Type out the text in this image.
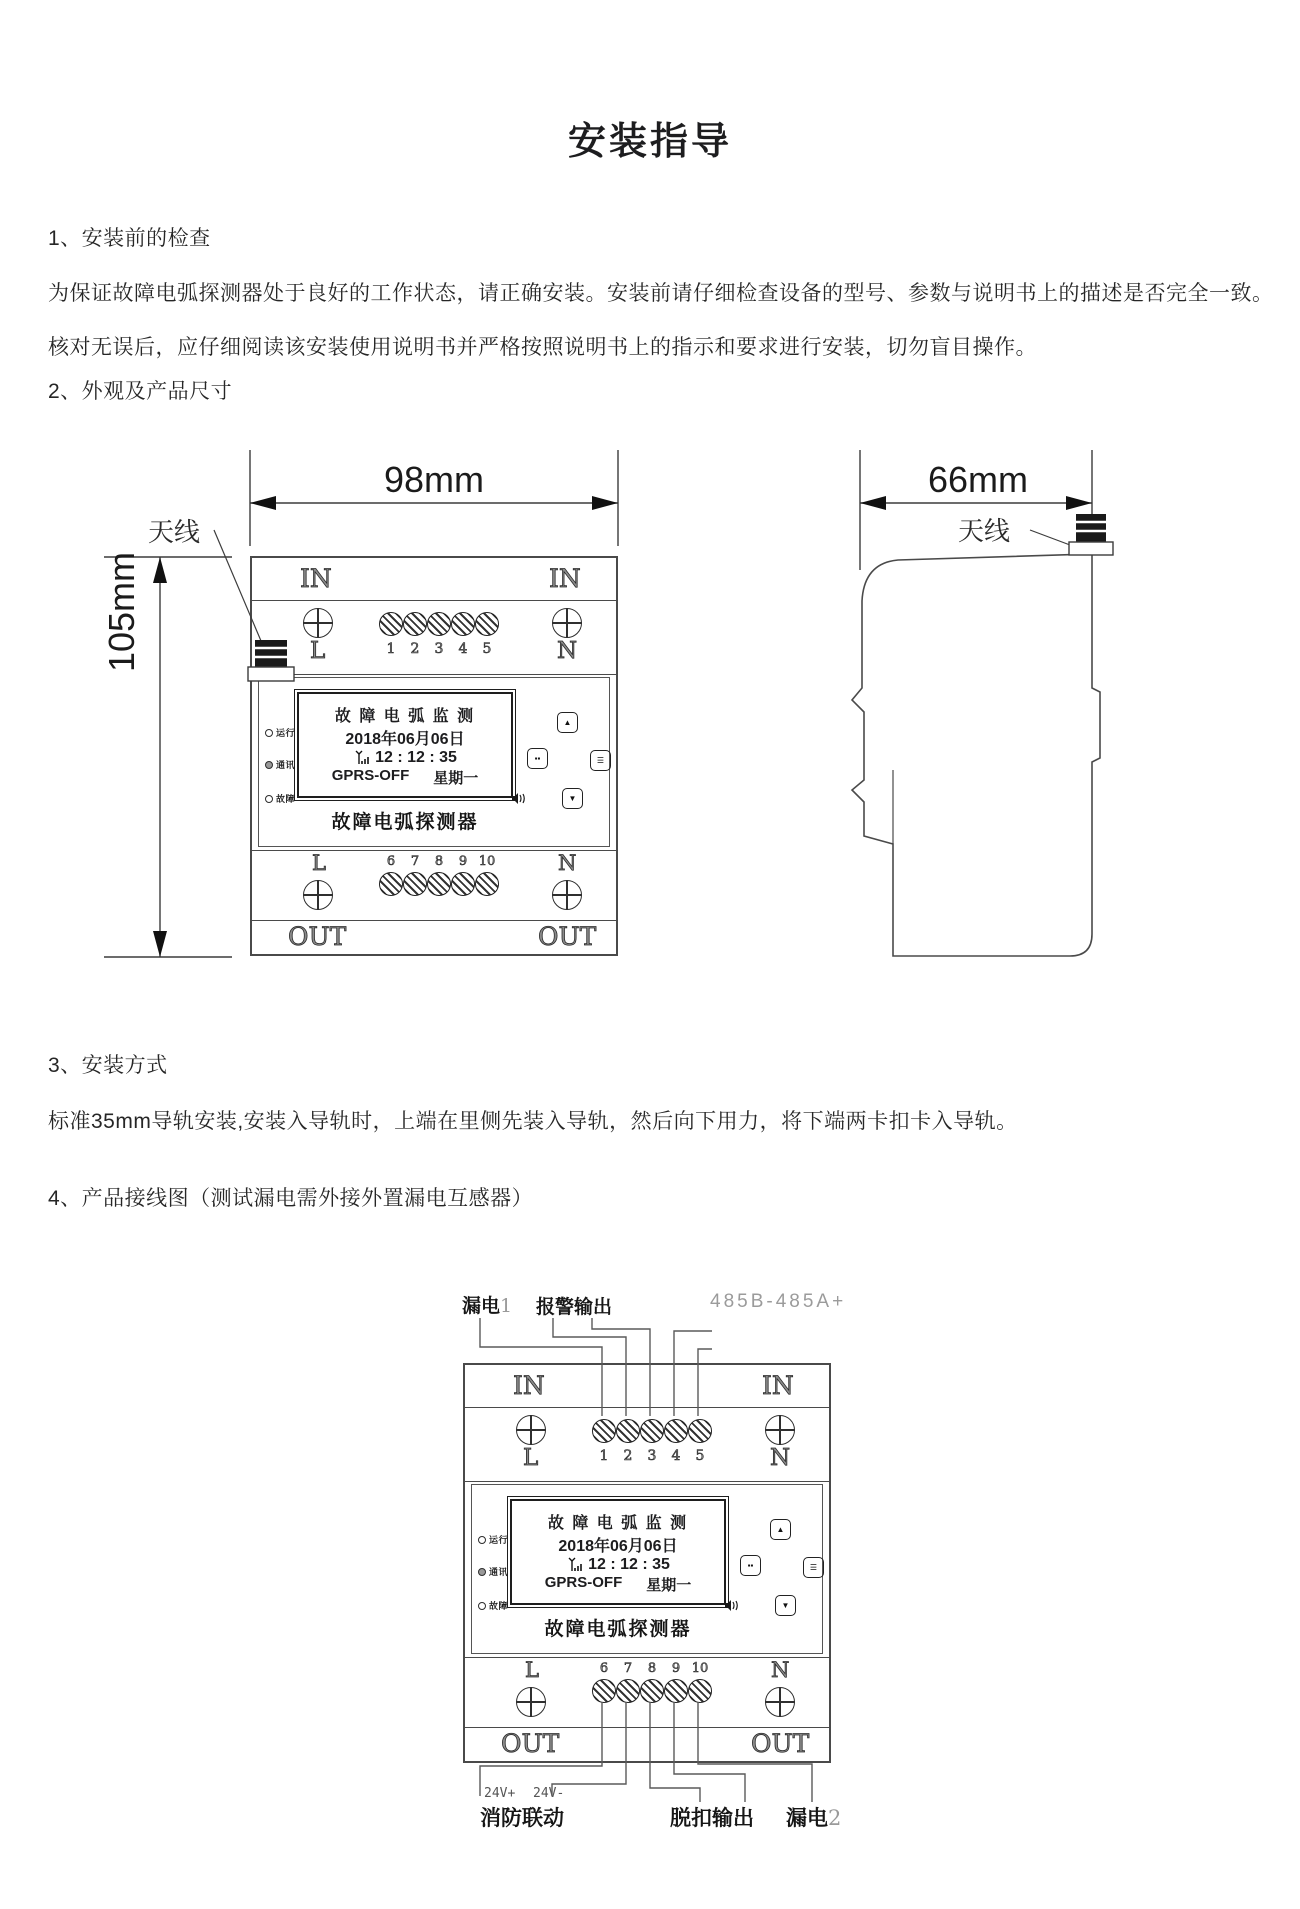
安装指导
1、安装前的检查
为保证故障电弧探测器处于良好的工作状态，请正确安装。安装前请仔细检查设备的型号、参数与说明书上的描述是否完全一致。
核对无误后，应仔细阅读该安装使用说明书并严格按照说明书上的指示和要求进行安装，切勿盲目操作。
2、外观及产品尺寸
天线	天线
3、安装方式
标准35mm导轨安装,安装入导轨时，上端在里侧先装入导轨，然后向下用力，将下端两卡扣卡入导轨。
4、产品接线图（测试漏电需外接外置漏电互感器）
漏电1 报警输出	485B-485A+
24V+ 24V-
消防联动	脱扣输出 漏电2
IN	IN
L	1	2	3	4	5	N
运行
通讯
故障
故 障 电 弧 监 测
2018年06月06日
12 : 12 : 35
GPRS-OFF 星期一
故障电弧探测器
▲
▪▪	☰
▼
L	6	7	8	9 10	N
OUT	OUT
IN	IN
L	1	2	3	4	5	N
运行
通讯
故障
故 障 电 弧 监 测
2018年06月06日
12 : 12 : 35
GPRS-OFF 星期一
故障电弧探测器
▲
▪▪	☰
▼
L	6	7	8	9 10	N
OUT	OUT
98mm
105mm
66mm
